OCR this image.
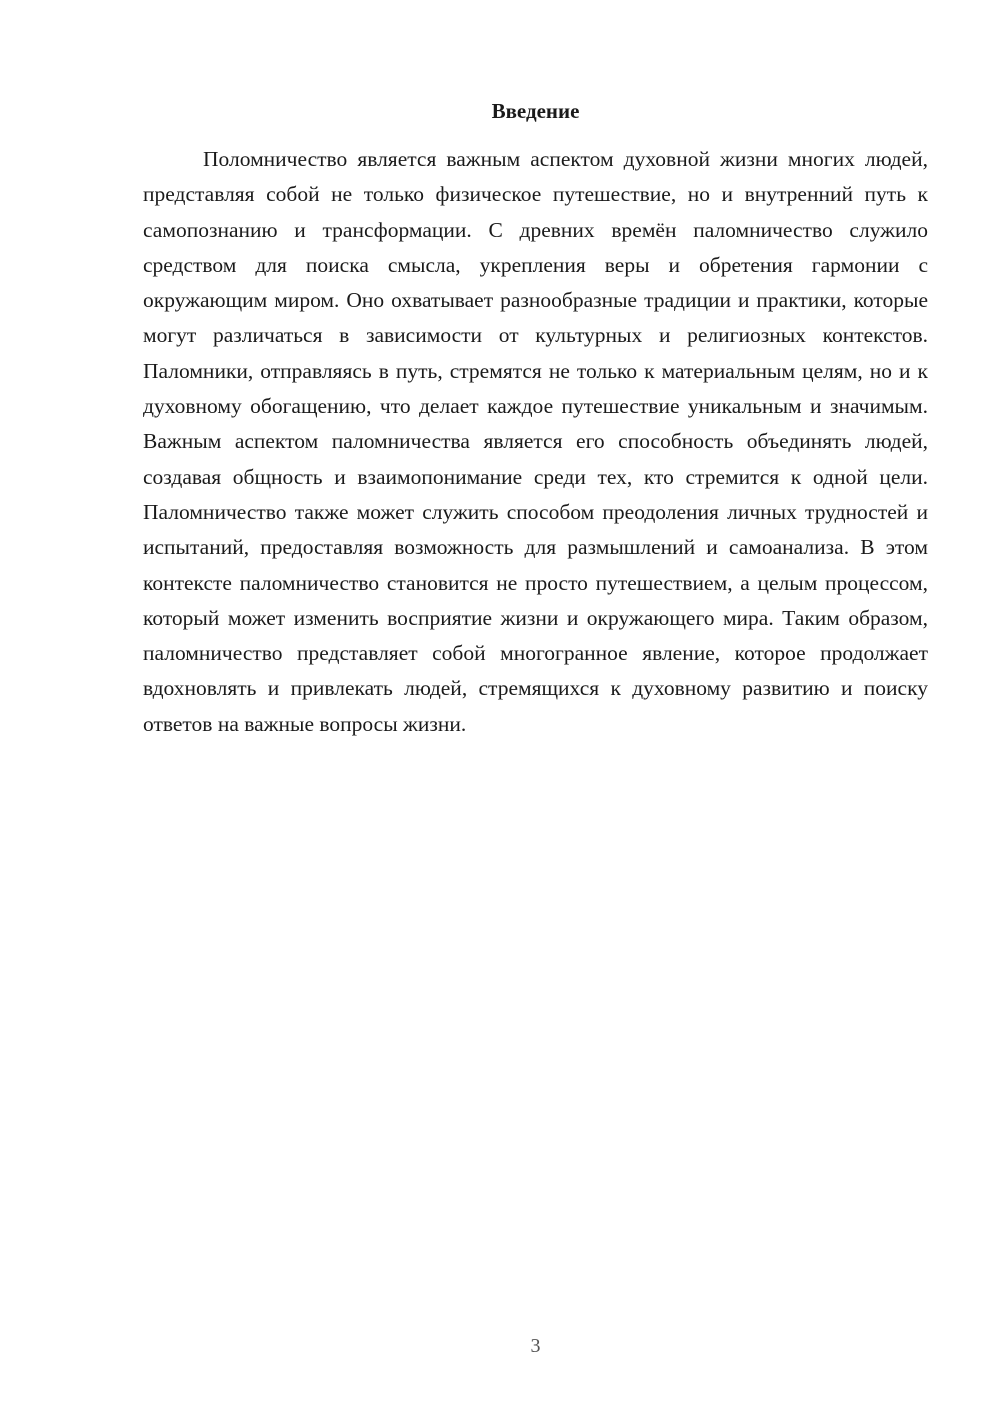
Введение

Поломничество является важным аспектом духовной жизни многих людей, представляя собой не только физическое путешествие, но и внутренний путь к самопознанию и трансформации. С древних времён паломничество служило средством для поиска смысла, укрепления веры и обретения гармонии с окружающим миром. Оно охватывает разнообразные традиции и практики, которые могут различаться в зависимости от культурных и религиозных контекстов. Паломники, отправляясь в путь, стремятся не только к материальным целям, но и к духовному обогащению, что делает каждое путешествие уникальным и значимым. Важным аспектом паломничества является его способность объединять людей, создавая общность и взаимопонимание среди тех, кто стремится к одной цели. Паломничество также может служить способом преодоления личных трудностей и испытаний, предоставляя возможность для размышлений и самоанализа. В этом контексте паломничество становится не просто путешествием, а целым процессом, который может изменить восприятие жизни и окружающего мира. Таким образом, паломничество представляет собой многогранное явление, которое продолжает вдохновлять и привлекать людей, стремящихся к духовному развитию и поиску ответов на важные вопросы жизни.

3
